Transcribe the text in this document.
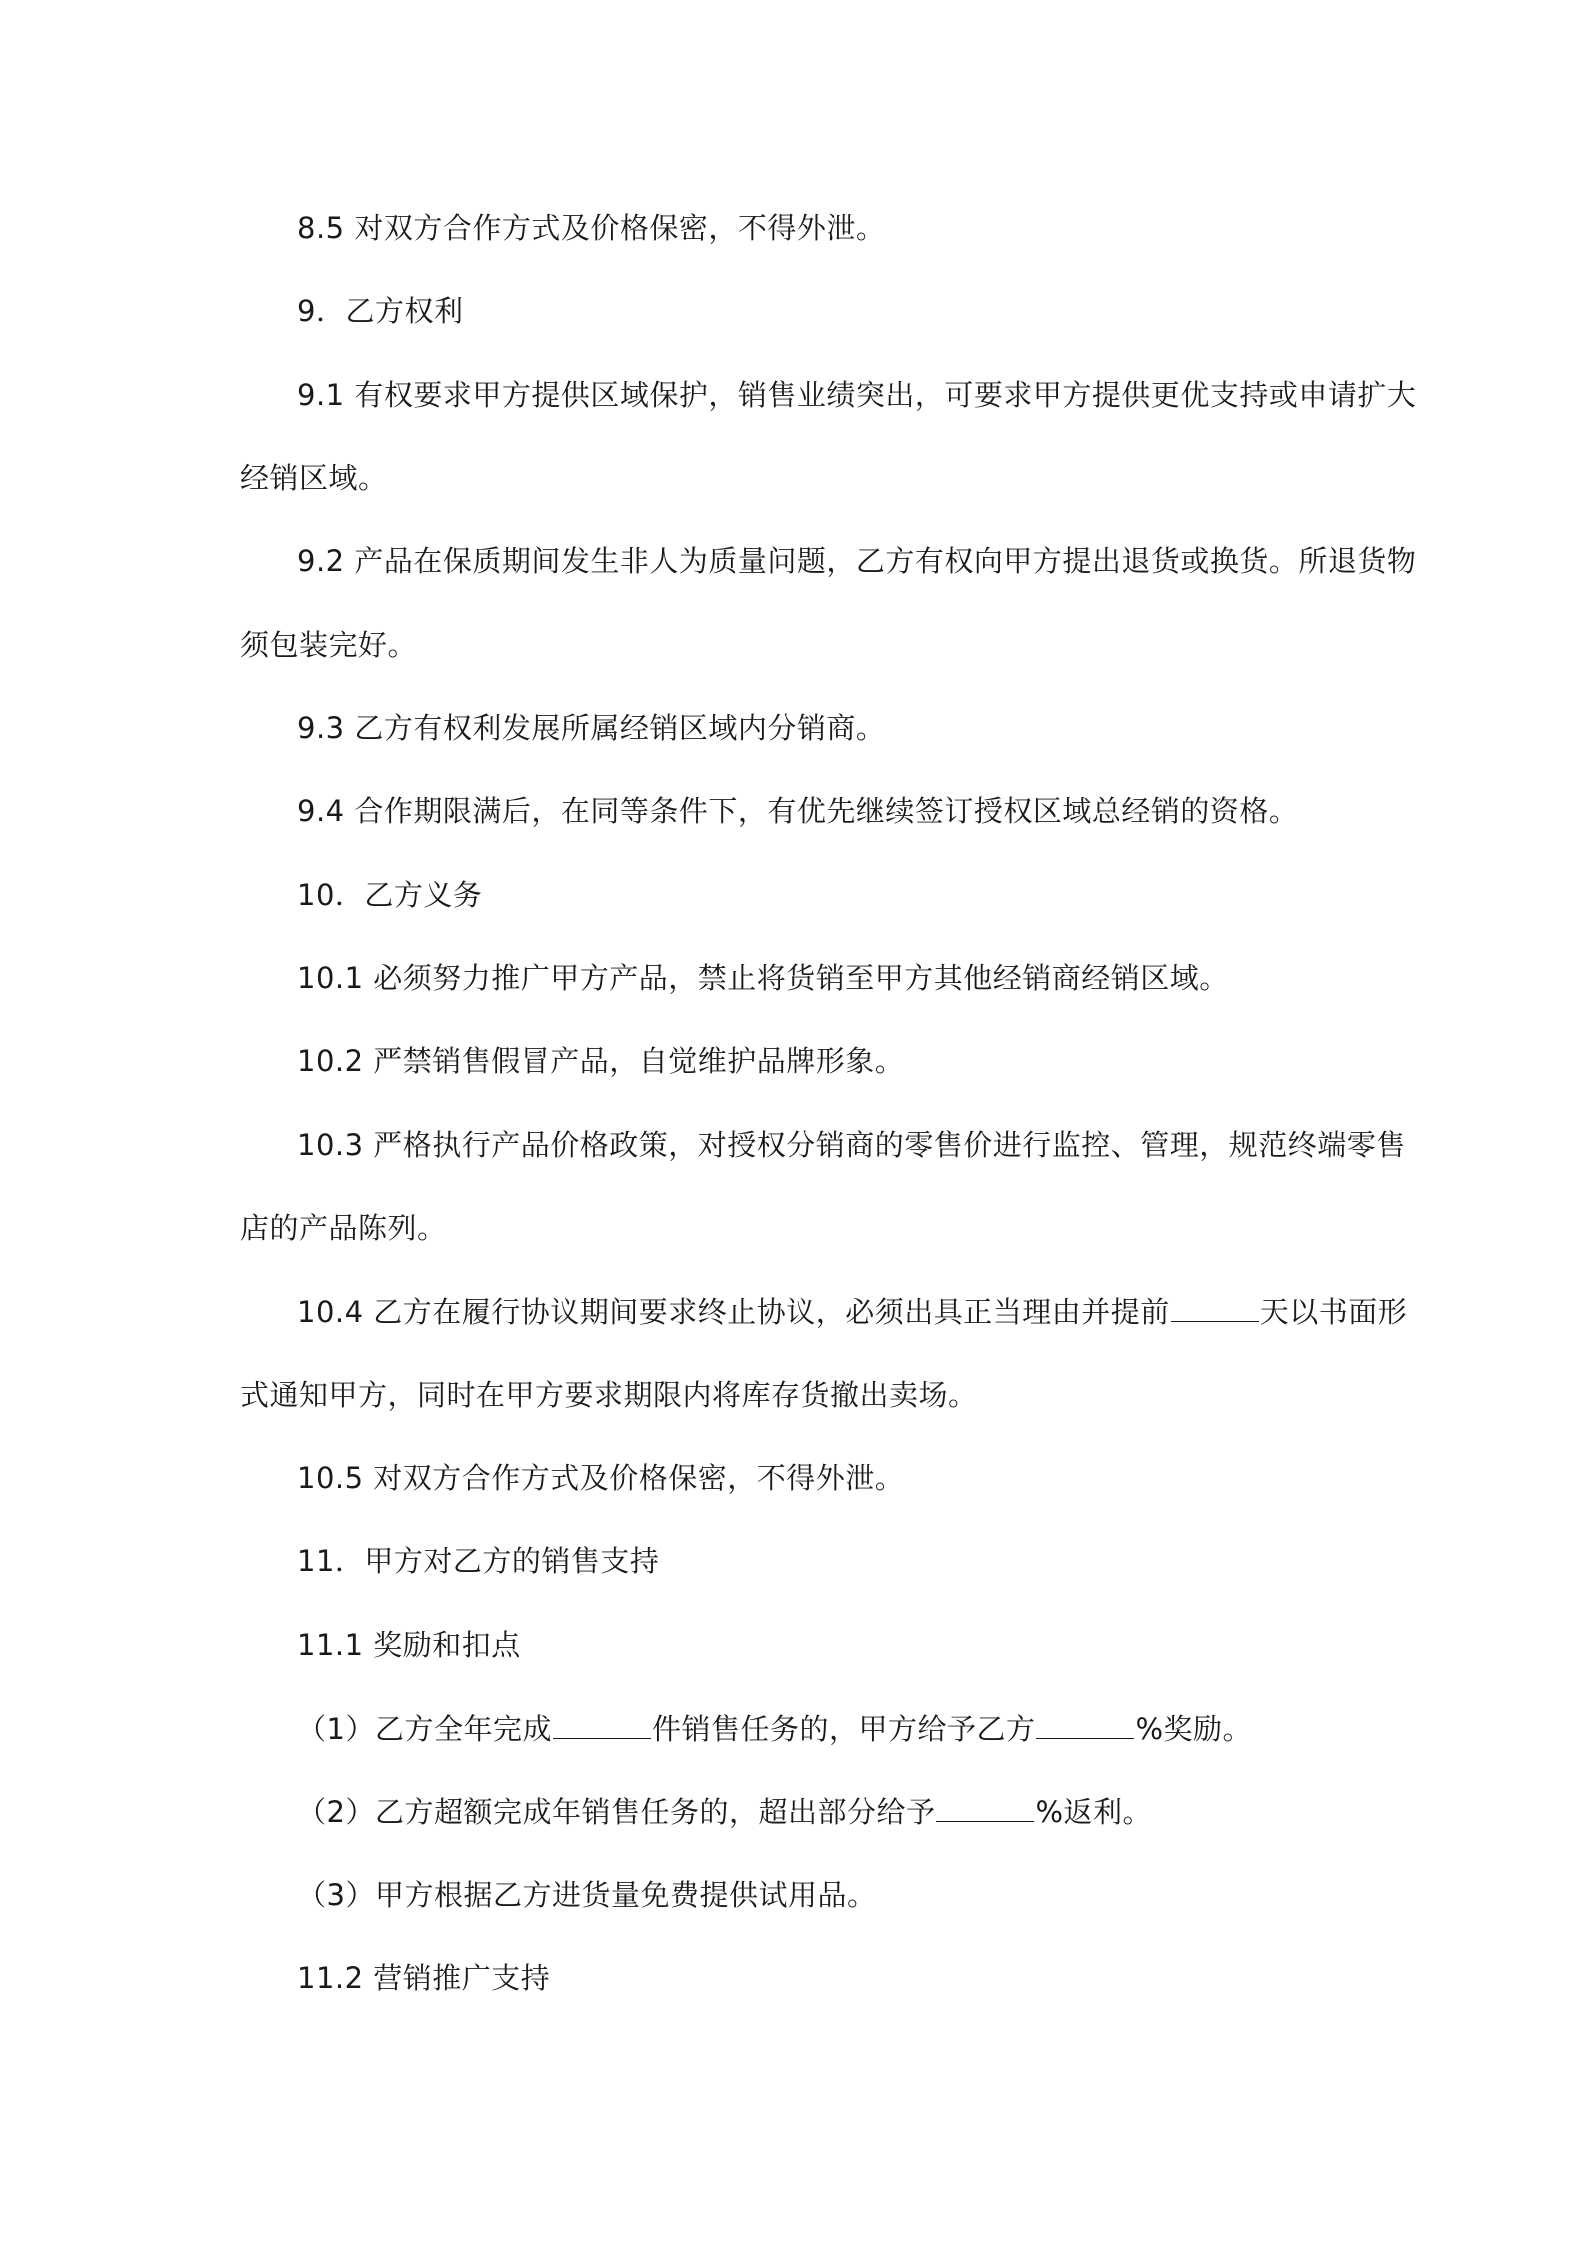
8.5 对双方合作方式及价格保密，不得外泄。
9．乙方权利
9.1 有权要求甲方提供区域保护，销售业绩突出，可要求甲方提供更优支持或申请扩大
经销区域。
9.2 产品在保质期间发生非人为质量问题，乙方有权向甲方提出退货或换货。所退货物
须包装完好。
9.3 乙方有权利发展所属经销区域内分销商。
9.4 合作期限满后，在同等条件下，有优先继续签订授权区域总经销的资格。
10．乙方义务
10.1 必须努力推广甲方产品，禁止将货销至甲方其他经销商经销区域。
10.2 严禁销售假冒产品，自觉维护品牌形象。
10.3 严格执行产品价格政策，对授权分销商的零售价进行监控、管理，规范终端零售
店的产品陈列。
10.4 乙方在履行协议期间要求终止协议，必须出具正当理由并提前	天以书面形
式通知甲方，同时在甲方要求期限内将库存货撤出卖场。
10.5 对双方合作方式及价格保密，不得外泄。
11．甲方对乙方的销售支持
11.1 奖励和扣点
（1）乙方全年完成	件销售任务的，甲方给予乙方	%奖励。
（2）乙方超额完成年销售任务的，超出部分给予	%返利。
（3）甲方根据乙方进货量免费提供试用品。
11.2 营销推广支持
